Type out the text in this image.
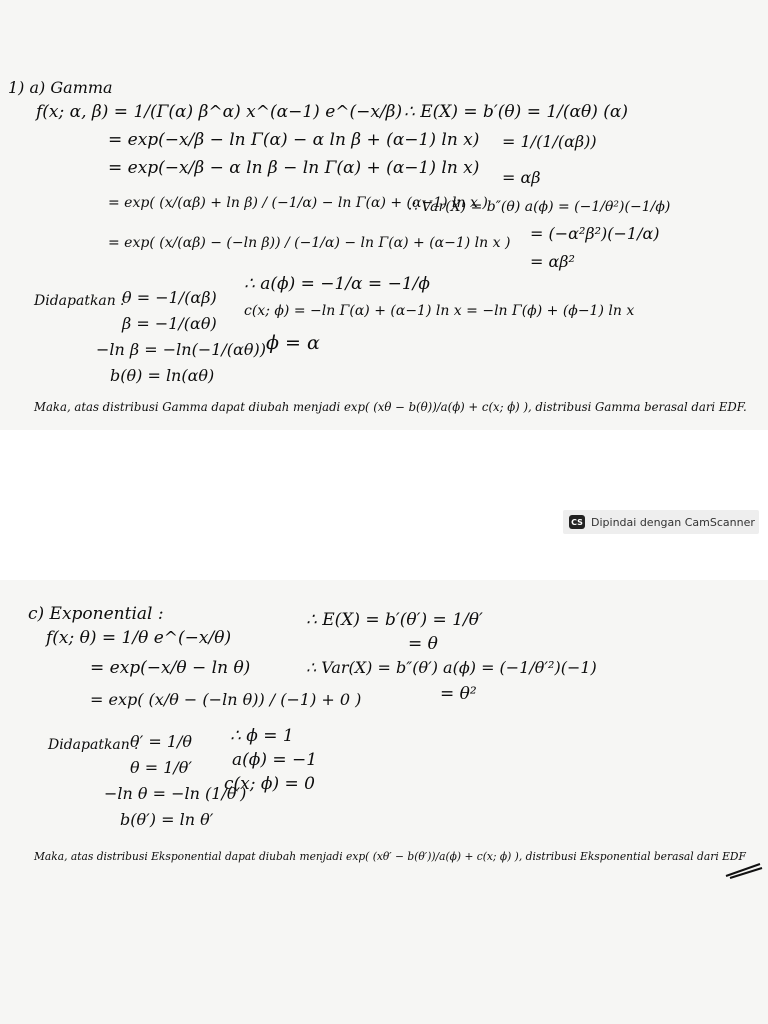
1) a) Gamma
f(x; α, β) = 1/(Γ(α) β^α) x^(α−1) e^(−x/β)
= exp(−x/β − ln Γ(α) − α ln β + (α−1) ln x)
= exp(−x/β − α ln β − ln Γ(α) + (α−1) ln x)
= exp( (x/(αβ) + ln β) / (−1/α) − ln Γ(α) + (α−1) ln x )
= exp( (x/(αβ) − (−ln β)) / (−1/α) − ln Γ(α) + (α−1) ln x )
∴ E(X) = b′(θ) = 1/(αθ) (α)
= 1/(1/(αβ))
= αβ
∴ Var(X) = b″(θ) a(ϕ) = (−1/θ²)(−1/ϕ)
= (−α²β²)(−1/α)
= αβ²
Didapatkan :
θ = −1/(αβ)
β = −1/(αθ)
−ln β = −ln(−1/(αθ))
b(θ) = ln(αθ)
∴ a(ϕ) = −1/α = −1/ϕ
c(x; ϕ) = −ln Γ(α) + (α−1) ln x = −ln Γ(ϕ) + (ϕ−1) ln x
ϕ = α
Maka, atas distribusi Gamma dapat diubah menjadi exp( (xθ − b(θ))/a(ϕ) + c(x; ϕ) ), distribusi Gamma berasal dari EDF.
CS Dipindai dengan CamScanner
c) Exponential :
f(x; θ) = 1/θ e^(−x/θ)
= exp(−x/θ − ln θ)
= exp( (x/θ − (−ln θ)) / (−1) + 0 )
∴ E(X) = b′(θ′) = 1/θ′
= θ
∴ Var(X) = b″(θ′) a(ϕ) = (−1/θ′²)(−1)
= θ²
Didapatkan :
θ′ = 1/θ
θ = 1/θ′
−ln θ = −ln (1/θ′)
b(θ′) = ln θ′
∴ ϕ = 1
a(ϕ) = −1
c(x; ϕ) = 0
Maka, atas distribusi Eksponential dapat diubah menjadi exp( (xθ′ − b(θ′))/a(ϕ) + c(x; ϕ) ), distribusi Eksponential berasal dari EDF
